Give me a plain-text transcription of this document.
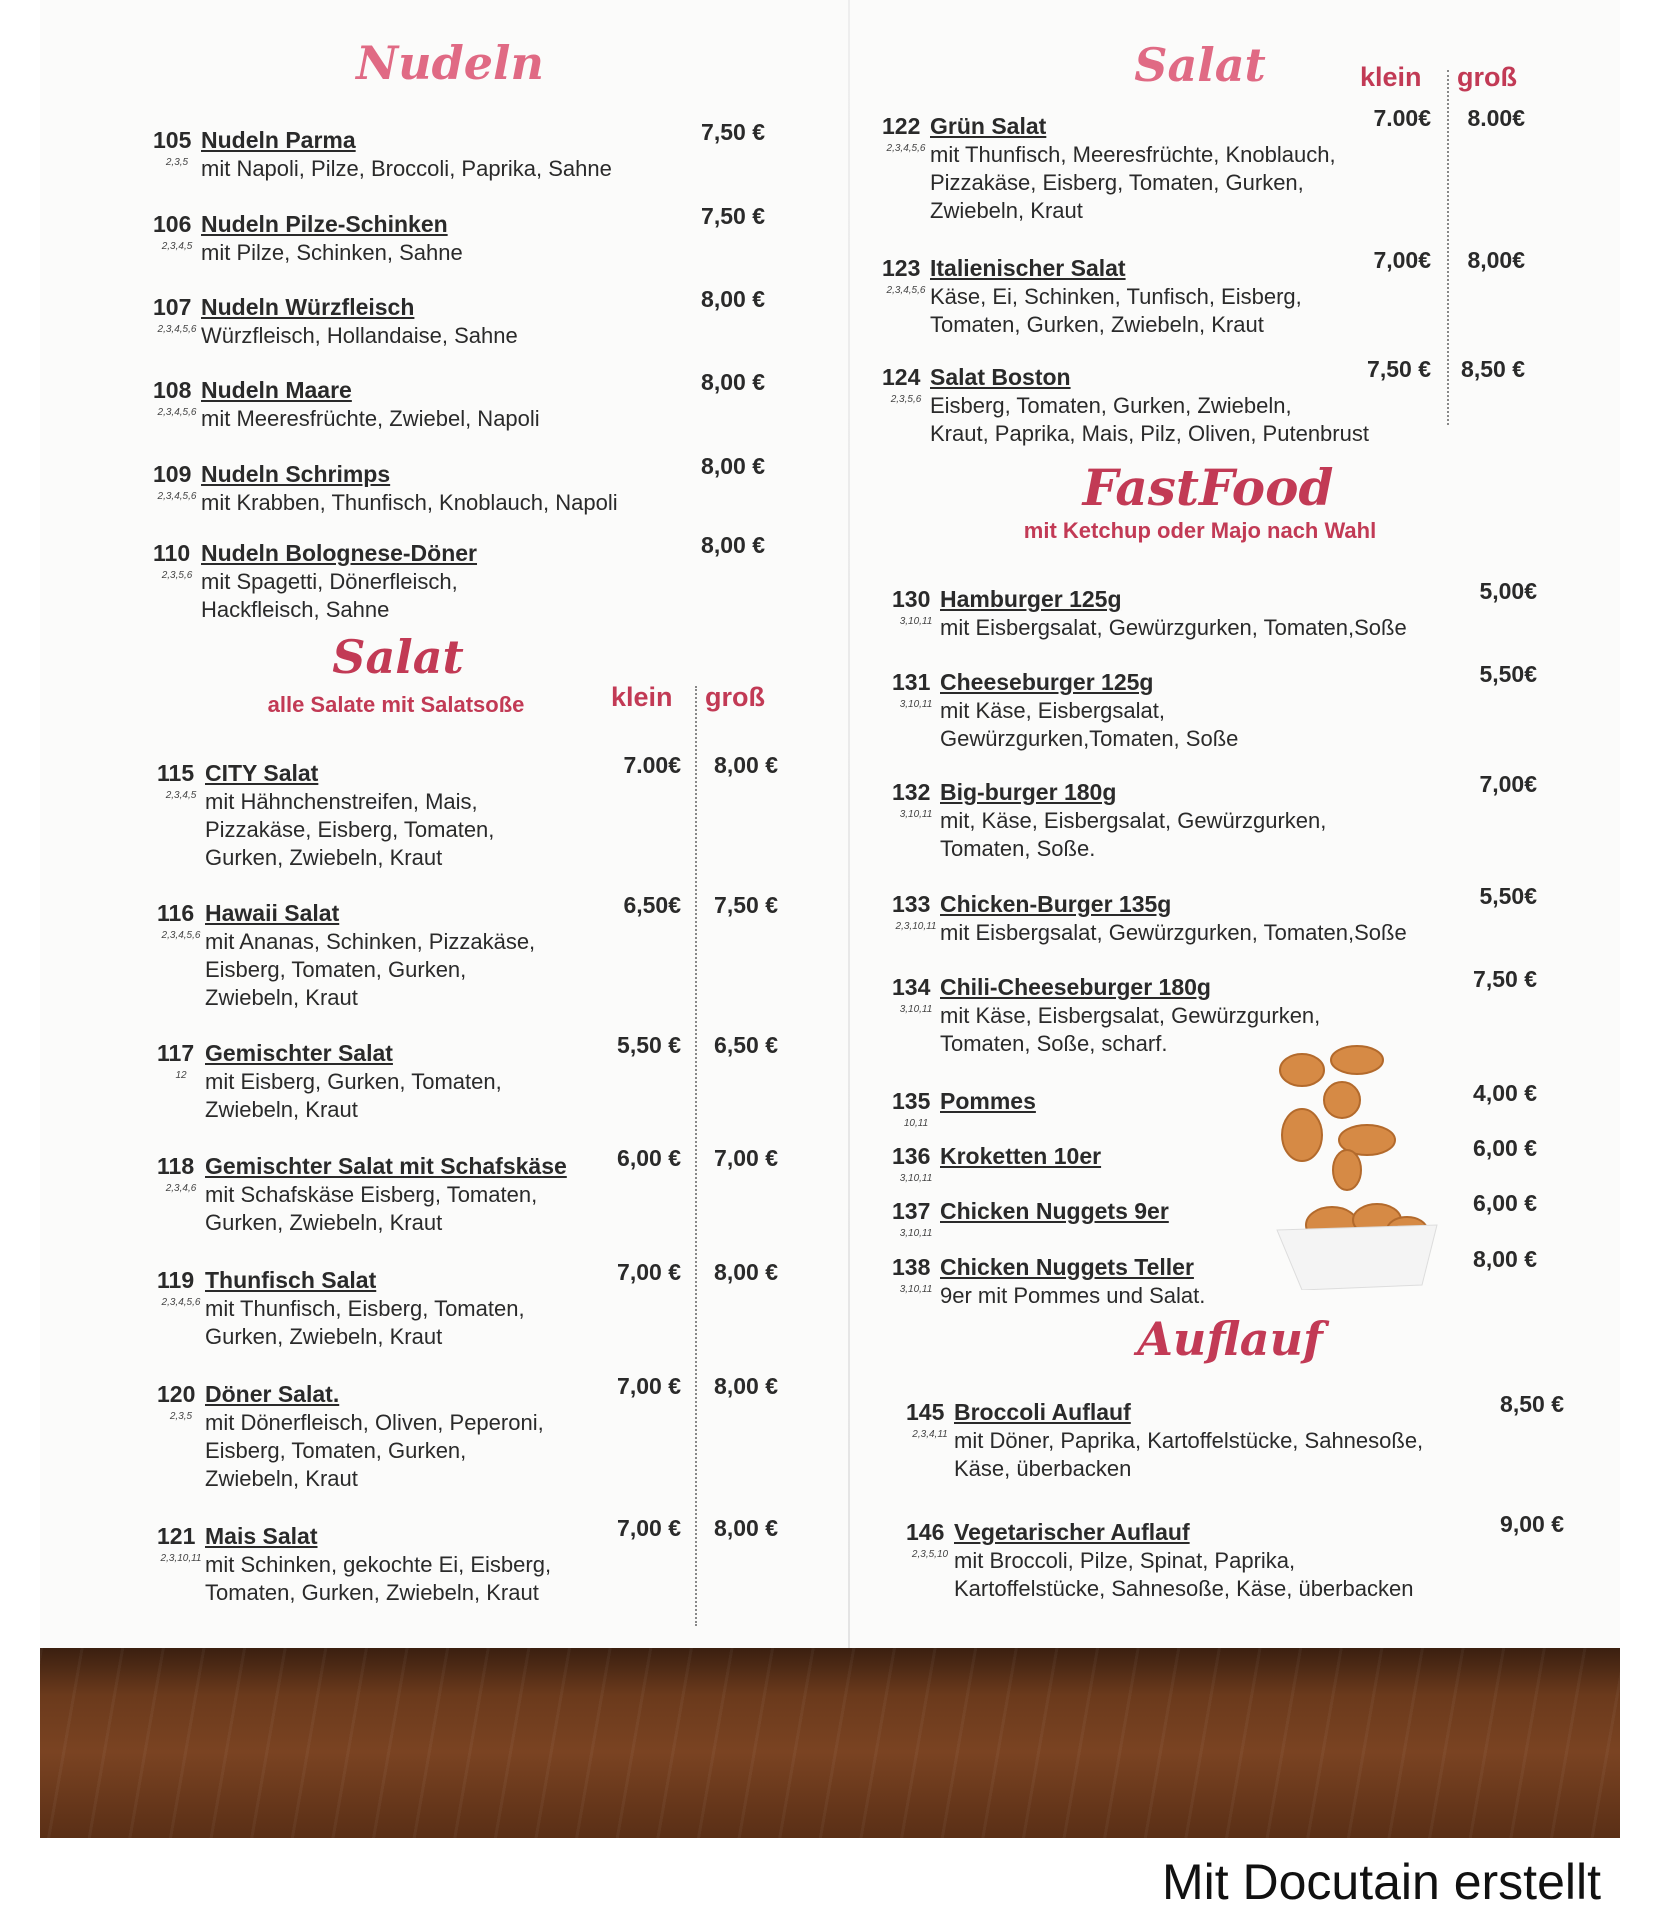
Nudeln
Salat
alle Salate mit Salatsoße	klein groß
Salat	klein groß
FastFood
mit Ketchup oder Majo nach Wahl
Auflauf
Mit Docutain erstellt
105
2,3,5
Nudeln Parma
mit Napoli, Pilze, Broccoli, Paprika, Sahne
7,50 €
106
2,3,4,5
Nudeln Pilze-Schinken
mit Pilze, Schinken, Sahne
7,50 €
107
2,3,4,5,6
Nudeln Würzfleisch
Würzfleisch, Hollandaise, Sahne
8,00 €
108
2,3,4,5,6
Nudeln Maare
mit Meeresfrüchte, Zwiebel, Napoli
8,00 €
109
2,3,4,5,6
Nudeln Schrimps
mit Krabben, Thunfisch, Knoblauch, Napoli
8,00 €
110
2,3,5,6
Nudeln Bolognese-Döner
mit Spagetti, Dönerfleisch,
Hackfleisch, Sahne
8,00 €
115
2,3,4,5
CITY Salat
mit Hähnchenstreifen, Mais,
Pizzakäse, Eisberg, Tomaten,
Gurken, Zwiebeln, Kraut
7.00€ 8,00 €
116
2,3,4,5,6
Hawaii Salat
mit Ananas, Schinken, Pizzakäse,
Eisberg, Tomaten, Gurken,
Zwiebeln, Kraut
6,50€ 7,50 €
117
12
Gemischter Salat
mit Eisberg, Gurken, Tomaten,
Zwiebeln, Kraut
5,50 € 6,50 €
118
2,3,4,6
Gemischter Salat mit Schafskäse
mit Schafskäse Eisberg, Tomaten,
Gurken, Zwiebeln, Kraut
6,00 € 7,00 €
119
2,3,4,5,6
Thunfisch Salat
mit Thunfisch, Eisberg, Tomaten,
Gurken, Zwiebeln, Kraut
7,00 € 8,00 €
120
2,3,5
Döner Salat.
mit Dönerfleisch, Oliven, Peperoni,
Eisberg, Tomaten, Gurken,
Zwiebeln, Kraut
7,00 € 8,00 €
121
2,3,10,11
Mais Salat
mit Schinken, gekochte Ei, Eisberg,
Tomaten, Gurken, Zwiebeln, Kraut
7,00 € 8,00 €
122
2,3,4,5,6
Grün Salat
mit Thunfisch, Meeresfrüchte, Knoblauch,
Pizzakäse, Eisberg, Tomaten, Gurken,
Zwiebeln, Kraut
7.00€ 8.00€
123
2,3,4,5,6
Italienischer Salat
Käse, Ei, Schinken, Tunfisch, Eisberg,
Tomaten, Gurken, Zwiebeln, Kraut
7,00€ 8,00€
124
2,3,5,6
Salat Boston
Eisberg, Tomaten, Gurken, Zwiebeln,
Kraut, Paprika, Mais, Pilz, Oliven, Putenbrust
7,50 € 8,50 €
130
3,10,11
Hamburger 125g
mit Eisbergsalat, Gewürzgurken, Tomaten,Soße
5,00€
131
3,10,11
Cheeseburger 125g
mit Käse, Eisbergsalat,
Gewürzgurken,Tomaten, Soße
5,50€
132
3,10,11
Big-burger 180g
mit, Käse, Eisbergsalat, Gewürzgurken,
Tomaten, Soße.
7,00€
133
2,3,10,11
Chicken-Burger 135g
mit Eisbergsalat, Gewürzgurken, Tomaten,Soße
5,50€
134
3,10,11
Chili-Cheeseburger 180g
mit Käse, Eisbergsalat, Gewürzgurken,
Tomaten, Soße, scharf.
7,50 €
135
10,11
Pommes	4,00 €
136
3,10,11
Kroketten 10er	6,00 €
137
3,10,11
Chicken Nuggets 9er	6,00 €
138
3,10,11
Chicken Nuggets Teller
9er mit Pommes und Salat.
8,00 €
145
2,3,4,11
Broccoli Auflauf
mit Döner, Paprika, Kartoffelstücke, Sahnesoße,
Käse, überbacken
8,50 €
146
2,3,5,10
Vegetarischer Auflauf
mit Broccoli, Pilze, Spinat, Paprika,
Kartoffelstücke, Sahnesoße, Käse, überbacken
9,00 €
